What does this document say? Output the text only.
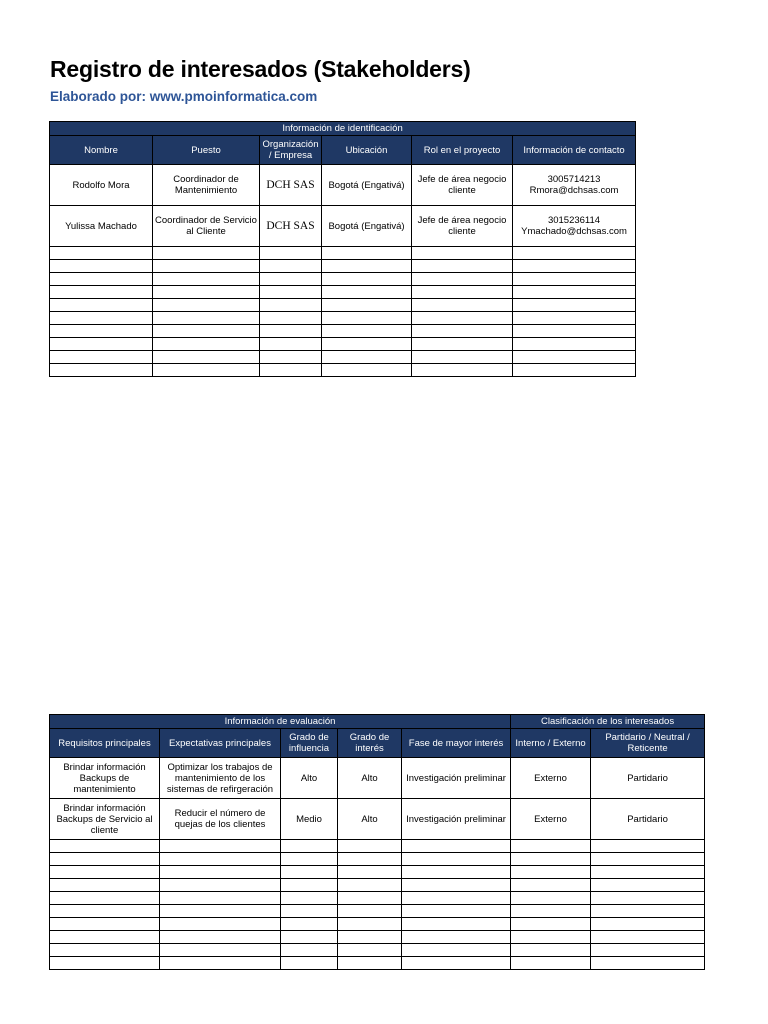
Registro de interesados (Stakeholders)
Elaborado por: www.pmoinformatica.com
Información de identificación					
Nombre	Puesto	Organización / Empresa	Ubicación	Rol en el proyecto	Información de contacto
Rodolfo Mora	Coordinador de Mantenimiento	DCH SAS	Bogotá (Engativá)	Jefe de área negocio cliente	3005714213
Rmora@dchsas.com

Yulissa Machado	Coordinador de Servicio al Cliente	DCH SAS	Bogotá (Engativá)	Jefe de área negocio cliente	3015236114
Ymachado@dchsas.com

Información de evaluación					Clasificación de los interesados	
Requisitos principales	Expectativas principales	Grado de influencia	Grado de interés	Fase de mayor interés	Interno / Externo	Partidario / Neutral / Reticente
Brindar información Backups de mantenimiento	Optimizar los trabajos de mantenimiento de los sistemas de refirgeración	Alto	Alto	Investigación preliminar	Externo	Partidario
Brindar información Backups de Servicio al cliente	Reducir el número de quejas de los clientes	Medio	Alto	Investigación preliminar	Externo	Partidario
